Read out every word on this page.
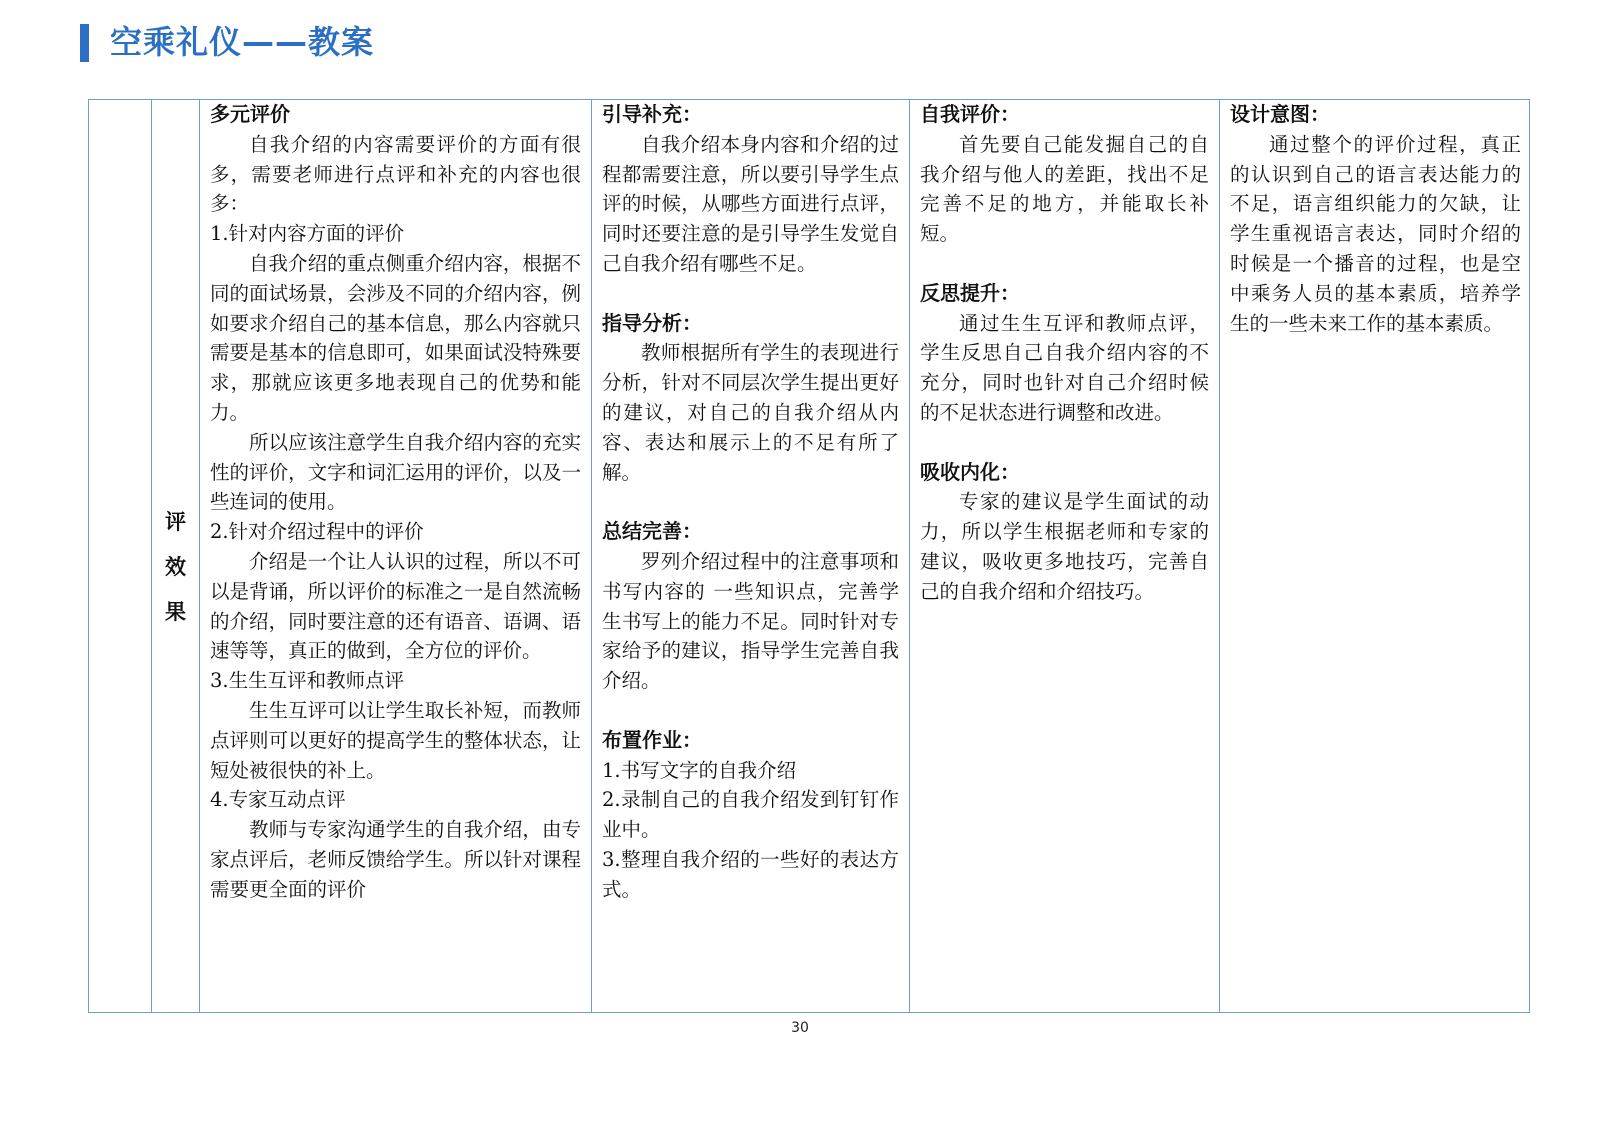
空乘礼仪——教案
评
效
果
多元评价

自我介绍的内容需要评价的方面有很多，需要老师进行点评和补充的内容也很多：

1.针对内容方面的评价

自我介绍的重点侧重介绍内容，根据不同的面试场景，会涉及不同的介绍内容，例如要求介绍自己的基本信息，那么内容就只需要是基本的信息即可，如果面试没特殊要求，那就应该更多地表现自己的优势和能力。

所以应该注意学生自我介绍内容的充实性的评价，文字和词汇运用的评价，以及一些连词的使用。

2.针对介绍过程中的评价

介绍是一个让人认识的过程，所以不可以是背诵，所以评价的标准之一是自然流畅的介绍，同时要注意的还有语音、语调、语速等等，真正的做到，全方位的评价。

3.生生互评和教师点评

生生互评可以让学生取长补短，而教师点评则可以更好的提高学生的整体状态，让短处被很快的补上。

4.专家互动点评

教师与专家沟通学生的自我介绍，由专家点评后，老师反馈给学生。所以针对课程需要更全面的评价

引导补充：

自我介绍本身内容和介绍的过程都需要注意，所以要引导学生点评的时候，从哪些方面进行点评，同时还要注意的是引导学生发觉自己自我介绍有哪些不足。

指导分析：

教师根据所有学生的表现进行分析，针对不同层次学生提出更好的建议，对自己的自我介绍从内容、表达和展示上的不足有所了解。

总结完善：

罗列介绍过程中的注意事项和书写内容的 一些知识点，完善学生书写上的能力不足。同时针对专家给予的建议，指导学生完善自我介绍。

布置作业：

1.书写文字的自我介绍

2.录制自己的自我介绍发到钉钉作业中。

3.整理自我介绍的一些好的表达方式。

自我评价：

首先要自己能发掘自己的自我介绍与他人的差距，找出不足完善不足的地方，并能取长补短。

反思提升：

通过生生互评和教师点评，学生反思自己自我介绍内容的不充分，同时也针对自己介绍时候的不足状态进行调整和改进。

吸收内化：

专家的建议是学生面试的动力，所以学生根据老师和专家的建议，吸收更多地技巧，完善自己的自我介绍和介绍技巧。

设计意图：

通过整个的评价过程，真正的认识到自己的语言表达能力的不足，语言组织能力的欠缺，让学生重视语言表达，同时介绍的时候是一个播音的过程，也是空中乘务人员的基本素质，培养学生的一些未来工作的基本素质。

30
